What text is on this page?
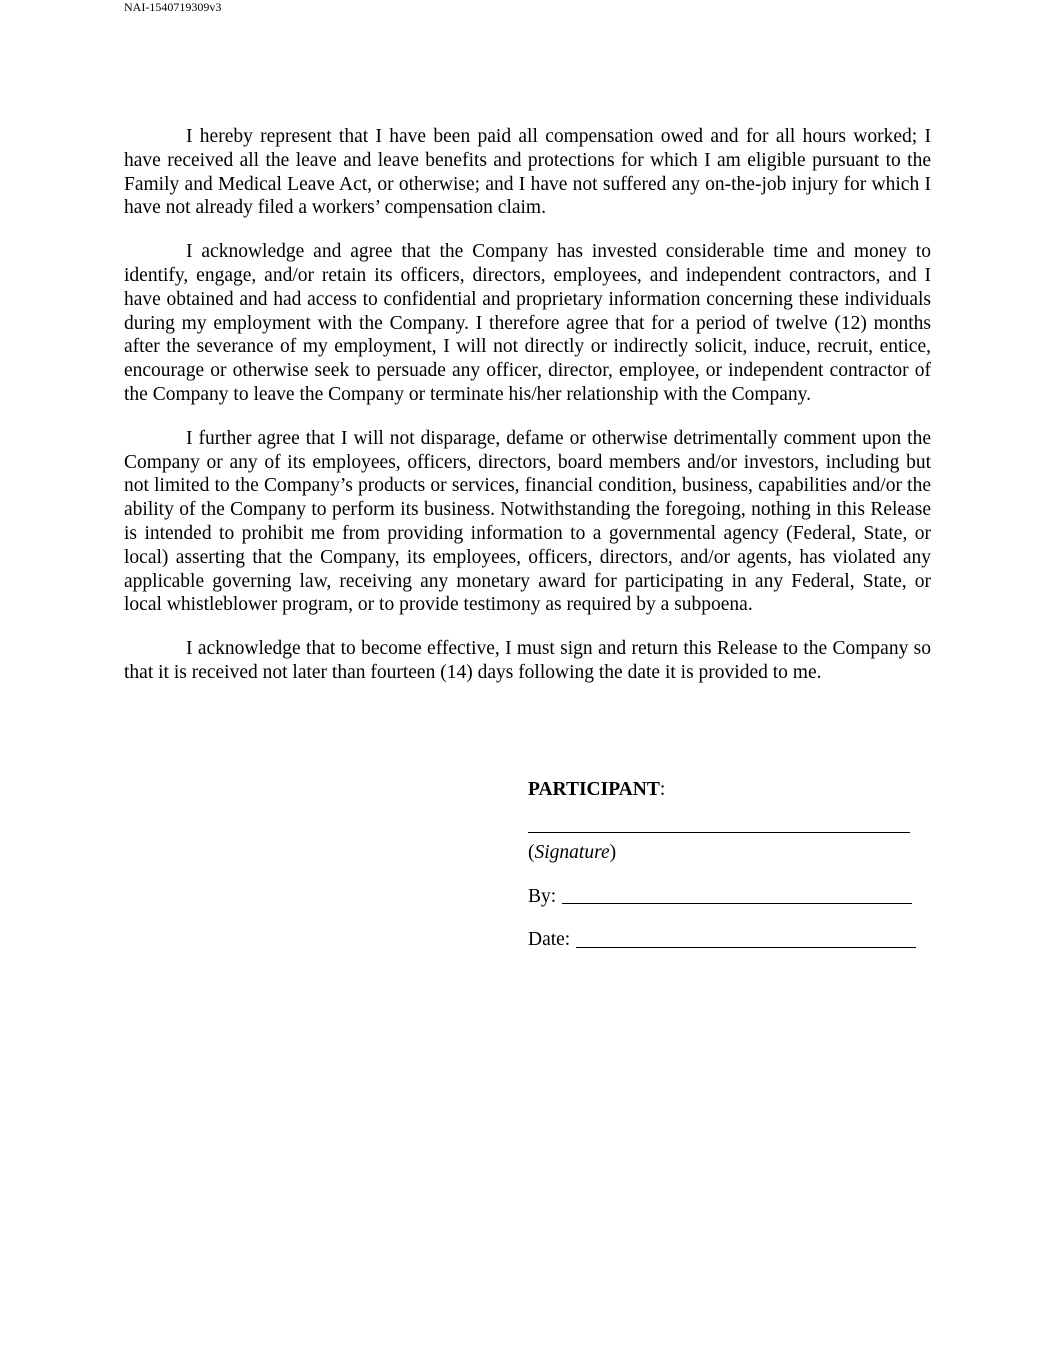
NAI-1540719309v3

I hereby represent that I have been paid all compensation owed and for all hours worked; I have received all the leave and leave benefits and protections for which I am eligible pursuant to the Family and Medical Leave Act, or otherwise; and I have not suffered any on-the-job injury for which I have not already filed a workers’ compensation claim.

I acknowledge and agree that the Company has invested considerable time and money to identify, engage, and/or retain its officers, directors, employees, and independent contractors, and I have obtained and had access to confidential and proprietary information concerning these individuals during my employment with the Company. I therefore agree that for a period of twelve (12) months after the severance of my employment, I will not directly or indirectly solicit, induce, recruit, entice, encourage or otherwise seek to persuade any officer, director, employee, or independent contractor of the Company to leave the Company or terminate his/her relationship with the Company.

I further agree that I will not disparage, defame or otherwise detrimentally comment upon the Company or any of its employees, officers, directors, board members and/or investors, including but not limited to the Company’s products or services, financial condition, business, capabilities and/or the ability of the Company to perform its business. Notwithstanding the foregoing, nothing in this Release is intended to prohibit me from providing information to a governmental agency (Federal, State, or local) asserting that the Company, its employees, officers, directors, and/or agents, has violated any applicable governing law, receiving any monetary award for participating in any Federal, State, or local whistleblower program, or to provide testimony as required by a subpoena.

I acknowledge that to become effective, I must sign and return this Release to the Company so that it is received not later than fourteen (14) days following the date it is provided to me.

PARTICIPANT:
(Signature)
By:
Date:
